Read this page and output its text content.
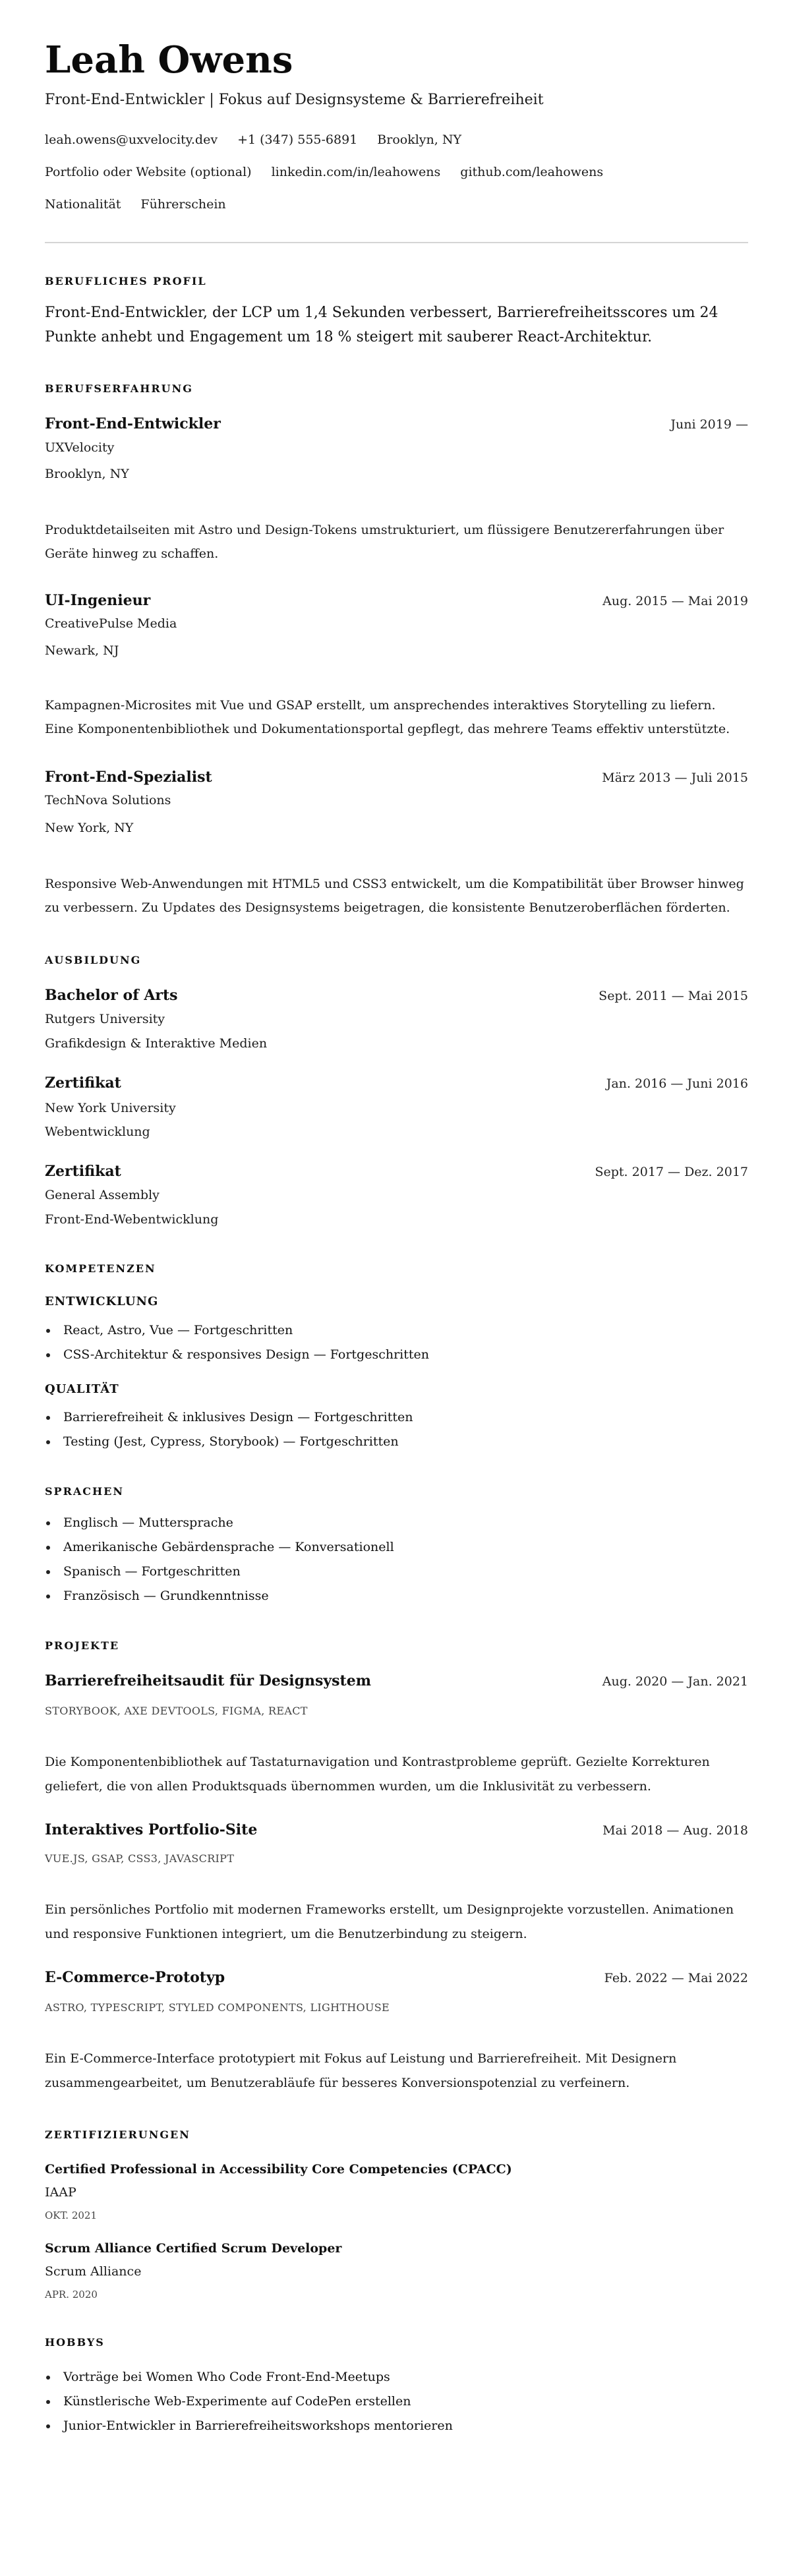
Leah Owens
Front-End-Entwickler | Fokus auf Designsysteme & Barrierefreiheit
leah.owens@uxvelocity.dev +1 (347) 555-6891 Brooklyn, NY
Portfolio oder Website (optional) linkedin.com/in/leahowens github.com/leahowens
Nationalität Führerschein
BERUFLICHES PROFIL
Front-End-Entwickler, der LCP um 1,4 Sekunden verbessert, Barrierefreiheitsscores um 24 Punkte anhebt und Engagement um 18 % steigert mit sauberer React-Architektur.
BERUFSERFAHRUNG
Front-End-Entwickler	Juni 2019 —
UXVelocity
Brooklyn, NY
Produktdetailseiten mit Astro und Design-Tokens umstrukturiert, um flüssigere Benutzererfahrungen über Geräte hinweg zu schaffen.
UI-Ingenieur	Aug. 2015 — Mai 2019
CreativePulse Media
Newark, NJ
Kampagnen-Microsites mit Vue und GSAP erstellt, um ansprechendes interaktives Storytelling zu liefern. Eine Komponentenbibliothek und Dokumentationsportal gepflegt, das mehrere Teams effektiv unterstützte.
Front-End-Spezialist	März 2013 — Juli 2015
TechNova Solutions
New York, NY
Responsive Web-Anwendungen mit HTML5 und CSS3 entwickelt, um die Kompatibilität über Browser hinweg zu verbessern. Zu Updates des Designsystems beigetragen, die konsistente Benutzeroberflächen förderten.
AUSBILDUNG
Bachelor of Arts	Sept. 2011 — Mai 2015
Rutgers University
Grafikdesign & Interaktive Medien
Zertifikat	Jan. 2016 — Juni 2016
New York University
Webentwicklung
Zertifikat	Sept. 2017 — Dez. 2017
General Assembly
Front-End-Webentwicklung
KOMPETENZEN
ENTWICKLUNG
React, Astro, Vue — Fortgeschritten
CSS-Architektur & responsives Design — Fortgeschritten
QUALITÄT
Barrierefreiheit & inklusives Design — Fortgeschritten
Testing (Jest, Cypress, Storybook) — Fortgeschritten
SPRACHEN
Englisch — Muttersprache
Amerikanische Gebärdensprache — Konversationell
Spanisch — Fortgeschritten
Französisch — Grundkenntnisse
PROJEKTE
Barrierefreiheitsaudit für Designsystem	Aug. 2020 — Jan. 2021
STORYBOOK, AXE DEVTOOLS, FIGMA, REACT
Die Komponentenbibliothek auf Tastaturnavigation und Kontrastprobleme geprüft. Gezielte Korrekturen geliefert, die von allen Produktsquads übernommen wurden, um die Inklusivität zu verbessern.
Interaktives Portfolio-Site	Mai 2018 — Aug. 2018
VUE.JS, GSAP, CSS3, JAVASCRIPT
Ein persönliches Portfolio mit modernen Frameworks erstellt, um Designprojekte vorzustellen. Animationen und responsive Funktionen integriert, um die Benutzerbindung zu steigern.
E-Commerce-Prototyp	Feb. 2022 — Mai 2022
ASTRO, TYPESCRIPT, STYLED COMPONENTS, LIGHTHOUSE
Ein E-Commerce-Interface prototypiert mit Fokus auf Leistung und Barrierefreiheit. Mit Designern zusammengearbeitet, um Benutzerabläufe für besseres Konversionspotenzial zu verfeinern.
ZERTIFIZIERUNGEN
Certified Professional in Accessibility Core Competencies (CPACC)
IAAP
OKT. 2021
Scrum Alliance Certified Scrum Developer
Scrum Alliance
APR. 2020
HOBBYS
Vorträge bei Women Who Code Front-End-Meetups
Künstlerische Web-Experimente auf CodePen erstellen
Junior-Entwickler in Barrierefreiheitsworkshops mentorieren
